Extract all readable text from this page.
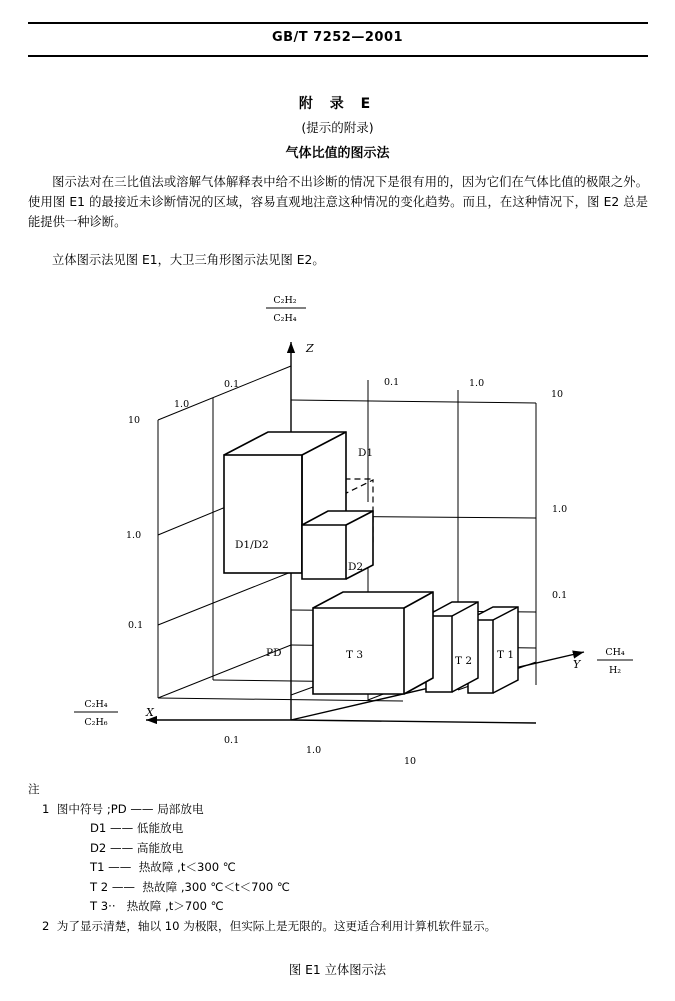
GB/T 7252—2001
附 录 E
(提示的附录)
气体比值的图示法
图示法对在三比值法或溶解气体解释表中给不出诊断的情况下是很有用的，因为它们在气体比值的极限之外。使用图 E1 的最接近未诊断情况的区域，容易直观地注意这种情况的变化趋势。而且，在这种情况下，图 E2 总是能提供一种诊断。
立体图示法见图 E1，大卫三角形图示法见图 E2。
Z
Y
X
C₂H₂
C₂H₄
CH₄
H₂
C₂H₄
C₂H₆
0.1
1.0
0.1	1.0
10
10
1.0
0.1
1.0
0.1
0.1
1.0
10
D1
D1/D2
D2
T 3	T 2 T 1
PD
注
1 图中符号 ;PD —— 局部放电
D1 —— 低能放电
D2 —— 高能放电
T1 ——  热故障 ,t＜300 ℃
T 2 ——  热故障 ,300 ℃＜t＜700 ℃
T 3··   热故障 ,t＞700 ℃
2 为了显示清楚，轴以 10 为极限，但实际上是无限的。这更适合利用计算机软件显示。
图 E1 立体图示法
